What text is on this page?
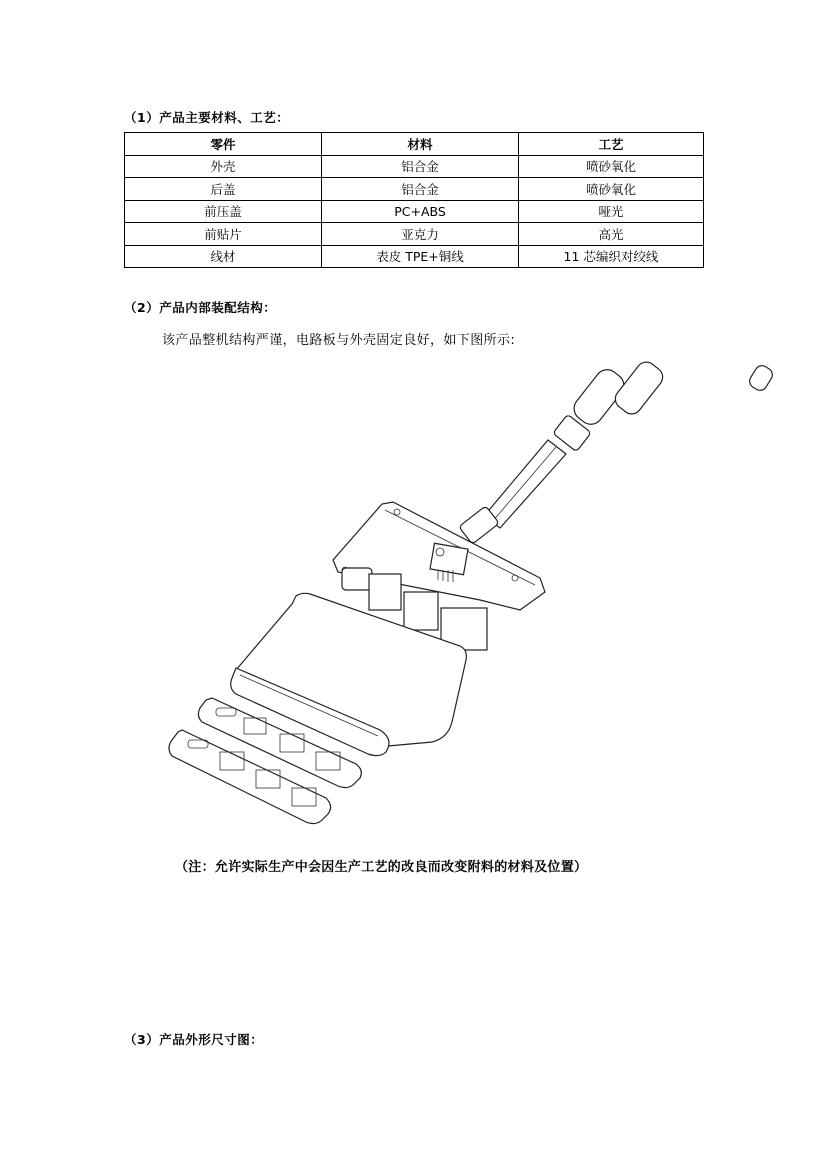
（1）产品主要材料、工艺：
零件	材料	工艺
外壳	铝合金	喷砂氧化
后盖	铝合金	喷砂氧化
前压盖	PC+ABS	哑光
前贴片	亚克力	高光
线材	表皮 TPE+铜线	11 芯编织对绞线
（2）产品内部装配结构：
该产品整机结构严谨，电路板与外壳固定良好，如下图所示:
（注：允许实际生产中会因生产工艺的改良而改变附料的材料及位置）
（3）产品外形尺寸图：
